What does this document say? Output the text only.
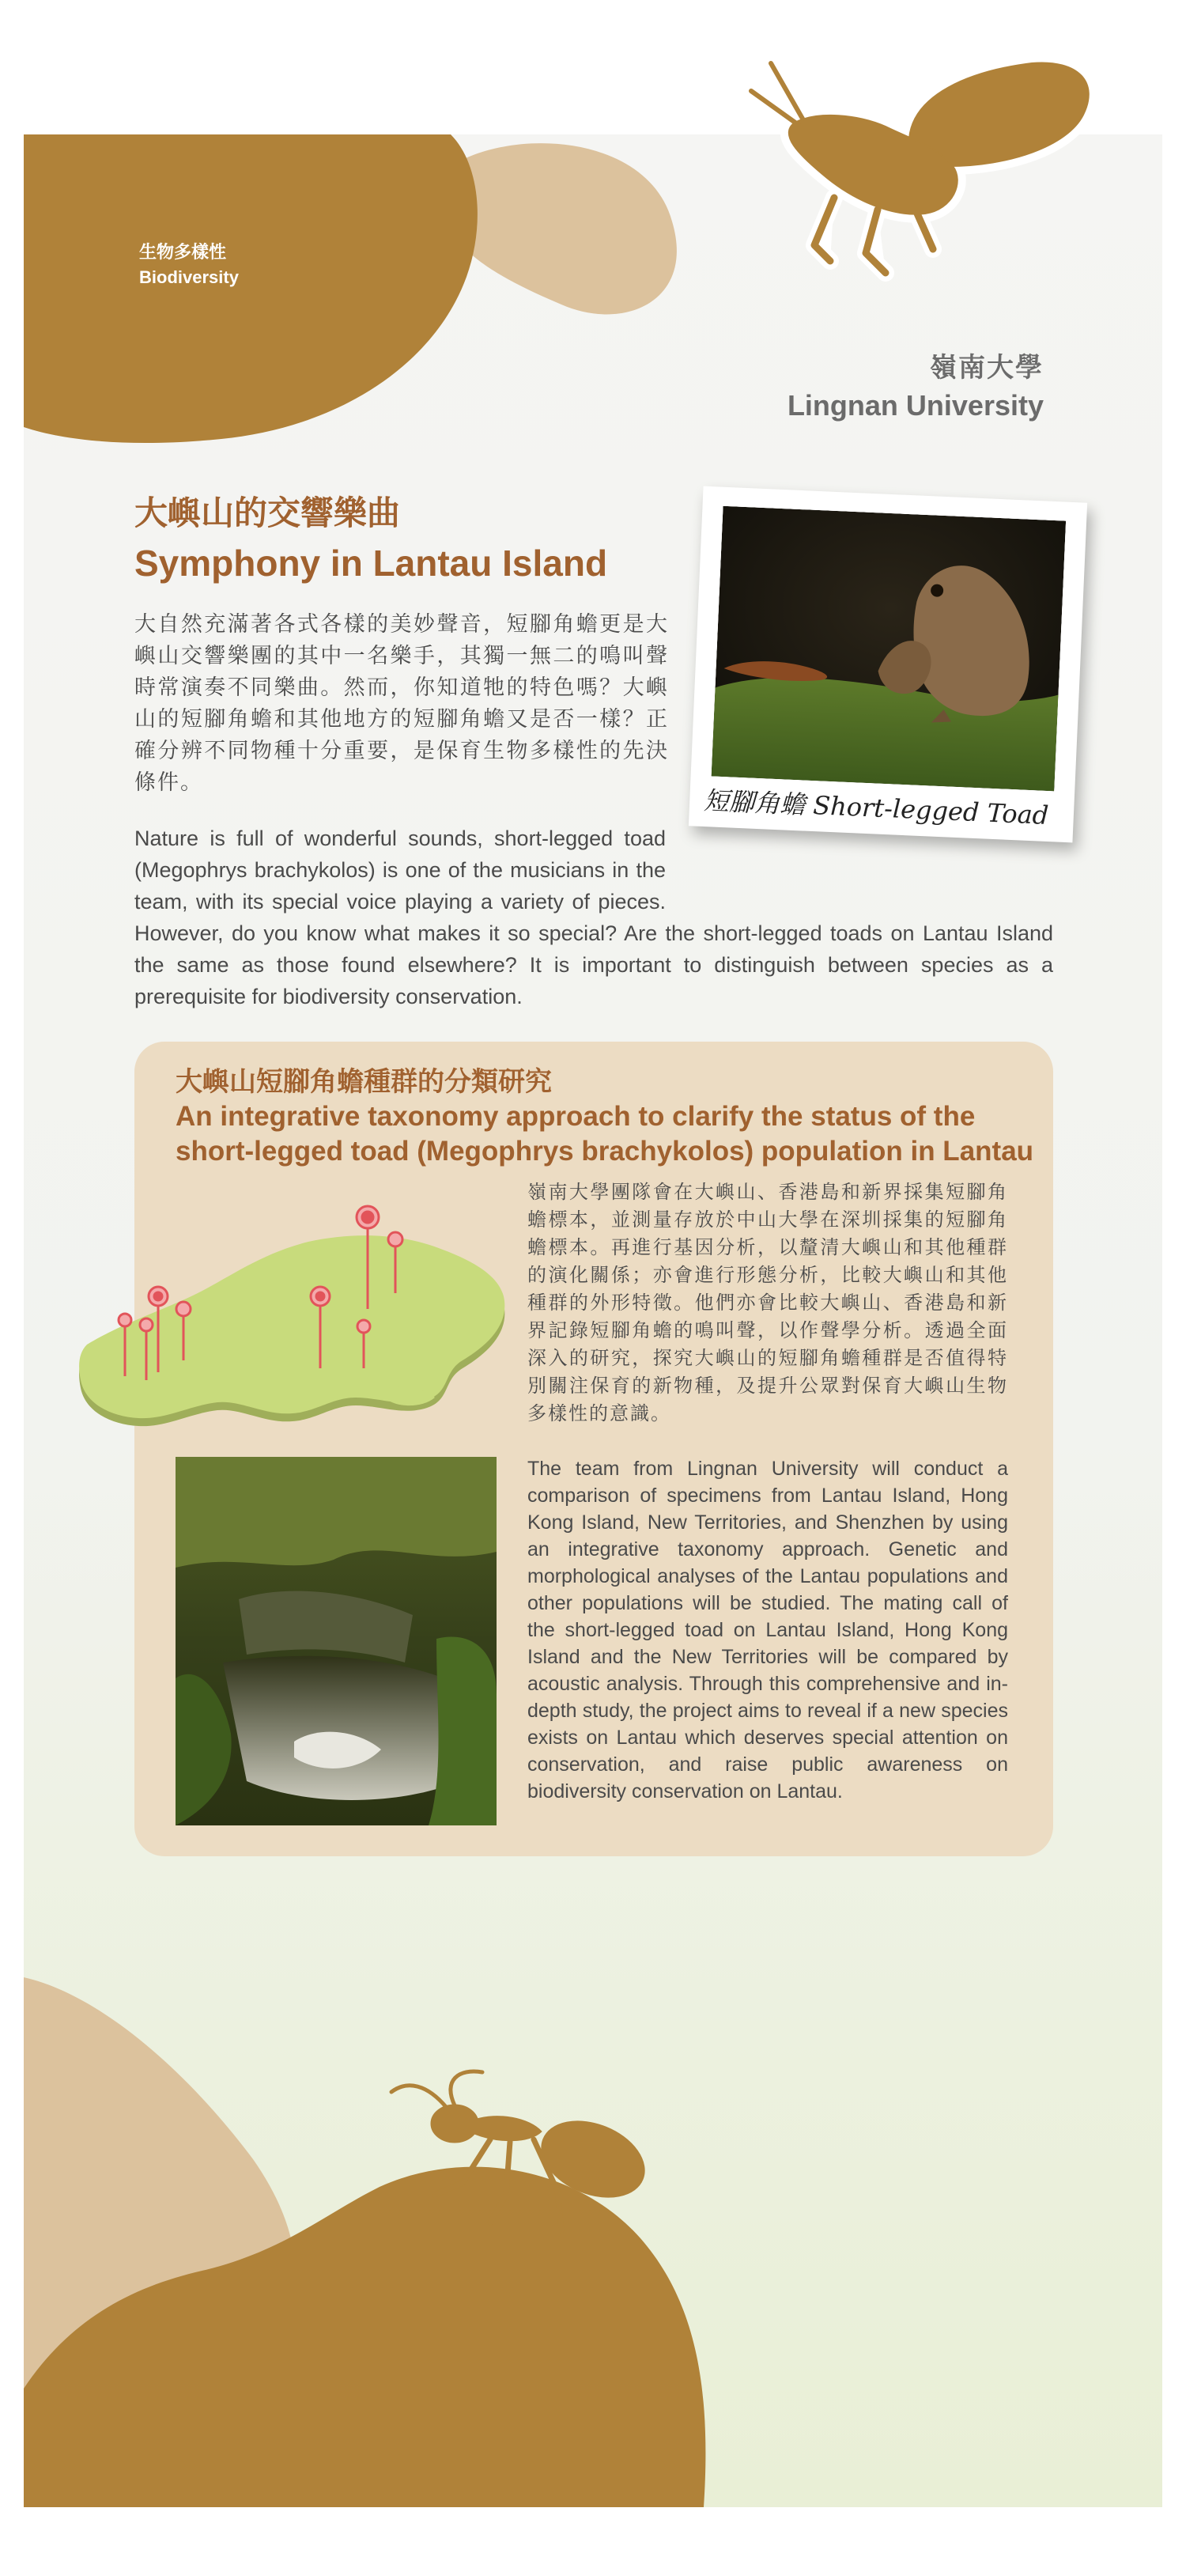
生物多樣性
Biodiversity
嶺南大學
Lingnan University
大嶼山的交響樂曲
Symphony in Lantau Island
大自然充滿著各式各樣的美妙聲音，短腳角蟾更是大嶼山交響樂團的其中一名樂手，其獨一無二的鳴叫聲時常演奏不同樂曲。然而，你知道牠的特色嗎？大嶼山的短腳角蟾和其他地方的短腳角蟾又是否一樣？正確分辨不同物種十分重要，是保育生物多樣性的先決條件。
Nature is full of wonderful sounds, short-legged toad (Megophrys brachykolos) is one of the musicians in the team, with its special voice playing a variety of pieces. However, do you know what makes it so special? Are the short-legged toads on Lantau Island the same as those found elsewhere? It is important to distinguish between species as a prerequisite for biodiversity conservation.
短腳角蟾 Short-legged Toad
大嶼山短腳角蟾種群的分類研究
An integrative taxonomy approach to clarify the status of the short-legged toad (Megophrys brachykolos) population in Lantau
嶺南大學團隊會在大嶼山、香港島和新界採集短腳角蟾標本，並測量存放於中山大學在深圳採集的短腳角蟾標本。再進行基因分析，以釐清大嶼山和其他種群的演化關係；亦會進行形態分析，比較大嶼山和其他種群的外形特徵。他們亦會比較大嶼山、香港島和新界記錄短腳角蟾的鳴叫聲，以作聲學分析。透過全面深入的研究，探究大嶼山的短腳角蟾種群是否值得特別關注保育的新物種，及提升公眾對保育大嶼山生物多樣性的意識。
The team from Lingnan University will conduct a comparison of specimens from Lantau Island, Hong Kong Island, New Territories, and Shenzhen by using an integrative taxonomy approach. Genetic and morphological analyses of the Lantau populations and other populations will be studied. The mating call of the short-legged toad on Lantau Island, Hong Kong Island and the New Territories will be compared by acoustic analysis. Through this comprehensive and in-depth study, the project aims to reveal if a new species exists on Lantau which deserves special attention on conservation, and raise public awareness on biodiversity conservation on Lantau.
